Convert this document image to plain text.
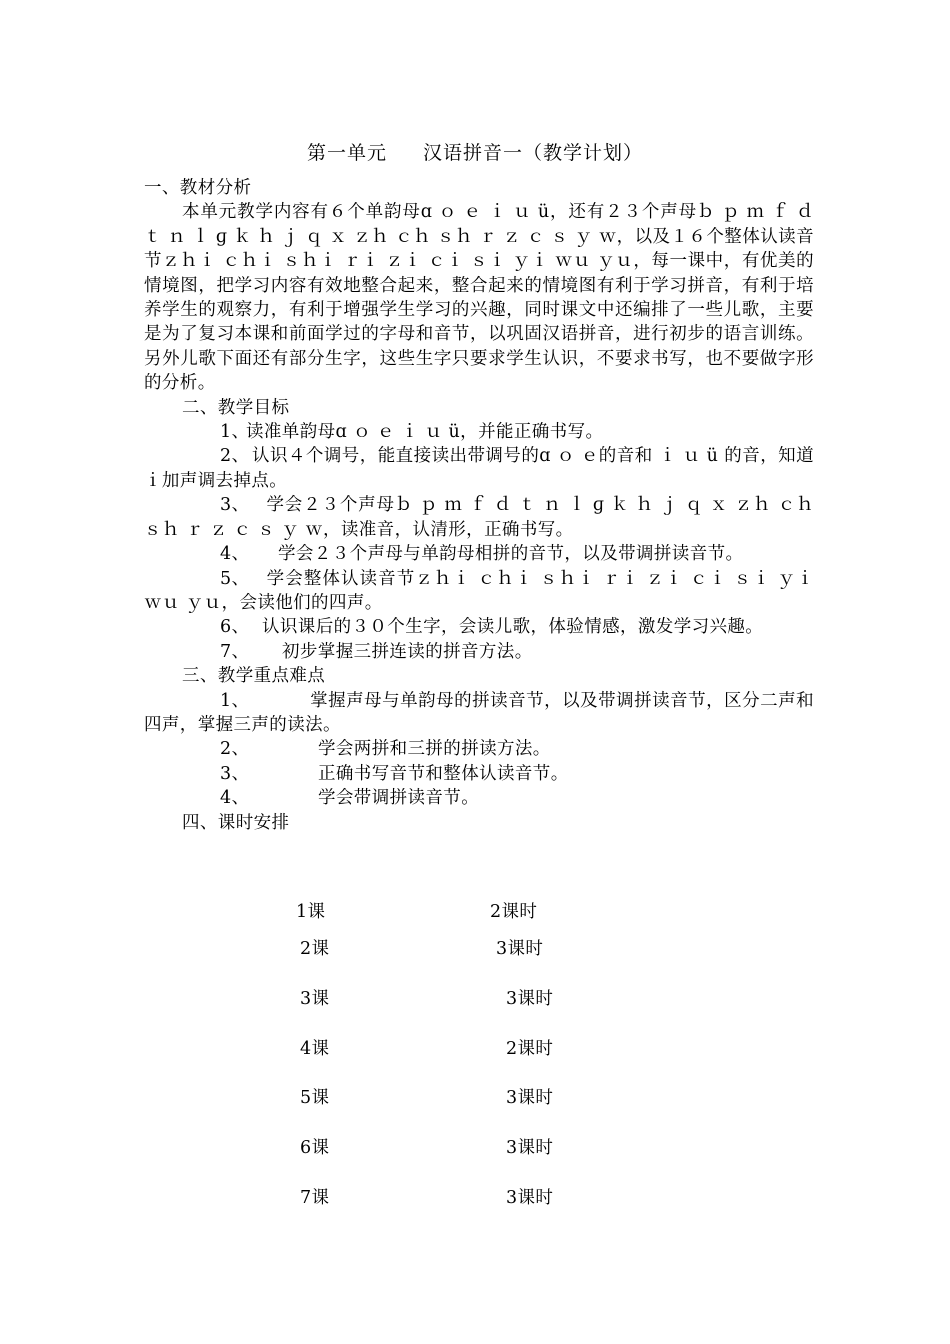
第一单元 汉语拼音一（教学计划）

一、教材分析

本单元教学内容有６个单韵母ɑ ｏ ｅ ｉ ｕ ü，还有２３个声母ｂ ｐ ｍ ｆ ｄ ｔ ｎ ｌ ɡ ｋ ｈ ｊ ｑ ｘ ｚｈ ｃｈ ｓｈ ｒ ｚ ｃ ｓ ｙ ｗ，以及１６个整体认读音节ｚｈｉ ｃｈｉ ｓｈｉ ｒｉ ｚｉ ｃｉ ｓｉ ｙｉ ｗｕ ｙｕ，每一课中，有优美的情境图，把学习内容有效地整合起来，整合起来的情境图有利于学习拼音，有利于培养学生的观察力，有利于增强学生学习的兴趣，同时课文中还编排了一些儿歌，主要是为了复习本课和前面学过的字母和音节，以巩固汉语拼音，进行初步的语言训练。另外儿歌下面还有部分生字，这些生字只要求学生认识，不要求书写，也不要做字形的分析。

二、教学目标

1、读准单韵母ɑ ｏ ｅ ｉ ｕ ü，并能正确书写。

2、 认识４个调号，能直接读出带调号的ɑ ｏ ｅ的音和 ｉ ｕ ü 的音，知道ｉ加声调去掉点。

3、 学会２３个声母ｂ ｐ ｍ ｆ ｄ ｔ ｎ ｌ ɡ ｋ ｈ ｊ ｑ ｘ ｚｈ ｃｈ ｓｈ ｒ ｚ ｃ ｓ ｙ ｗ，读准音，认清形，正确书写。

4、 学会２３个声母与单韵母相拼的音节，以及带调拼读音节。

5、 学会整体认读音节ｚｈｉ ｃｈｉ ｓｈｉ ｒｉ ｚｉ ｃｉ ｓｉ ｙｉ ｗｕ ｙｕ，会读他们的四声。

6、 认识课后的３０个生字，会读儿歌，体验情感，激发学习兴趣。

7、 初步掌握三拼连读的拼音方法。

三、教学重点难点

1、	掌握声母与单韵母的拼读音节，以及带调拼读音节，区分二声和四声，掌握三声的读法。

2、	学会两拼和三拼的拼读方法。

3、	正确书写音节和整体认读音节。

4、	学会带调拼读音节。

四、课时安排

1课	2课时
2课	3课时
3课	3课时
4课	2课时
5课	3课时
6课	3课时
7课	3课时
